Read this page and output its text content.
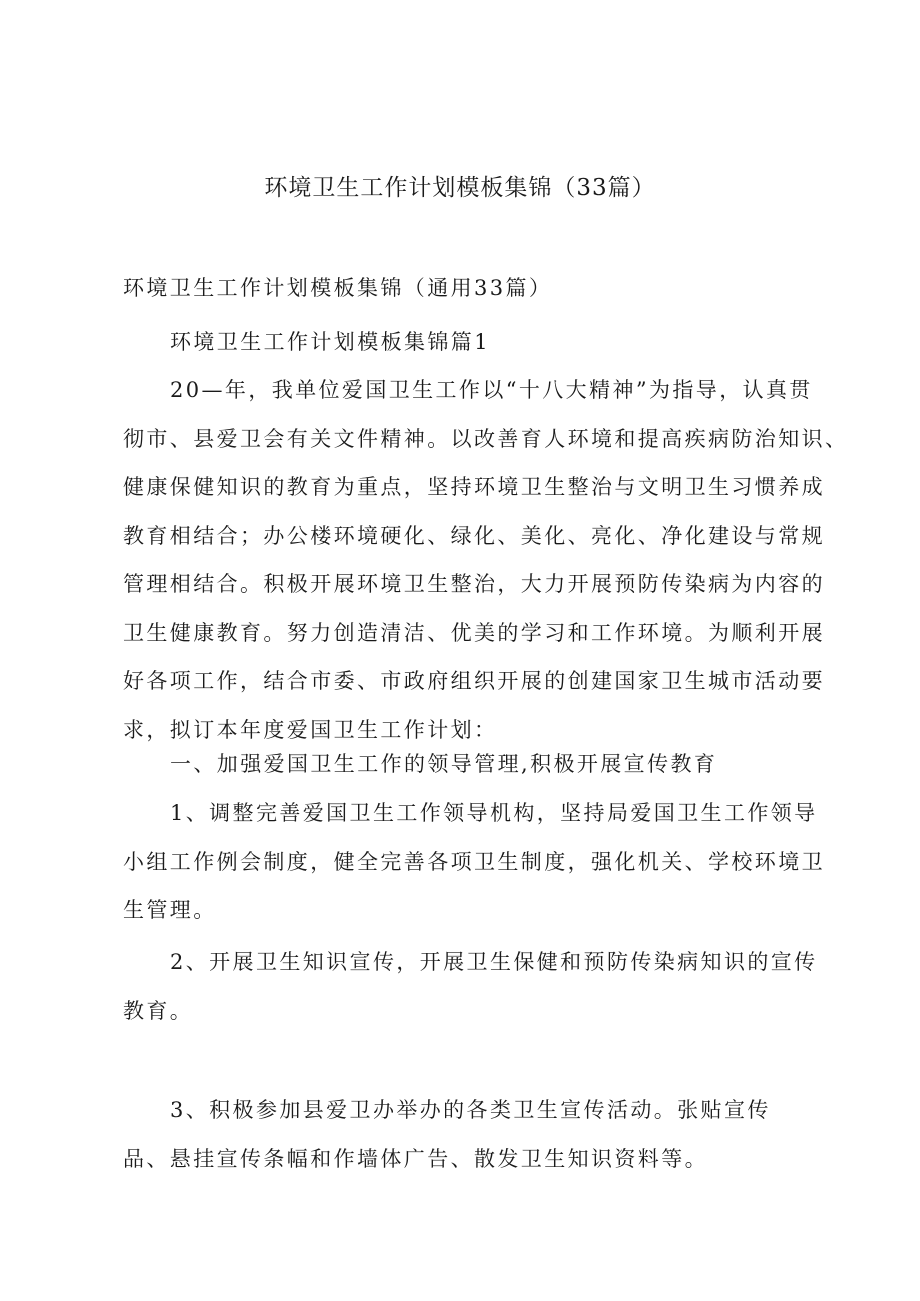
环境卫生工作计划模板集锦（33篇）

环境卫生工作计划模板集锦（通用33篇）

环境卫生工作计划模板集锦篇1

20—年，我单位爱国卫生工作以“十八大精神”为指导，认真贯
彻市、县爱卫会有关文件精神。以改善育人环境和提高疾病防治知识、
健康保健知识的教育为重点，坚持环境卫生整治与文明卫生习惯养成
教育相结合；办公楼环境硬化、绿化、美化、亮化、净化建设与常规
管理相结合。积极开展环境卫生整治，大力开展预防传染病为内容的
卫生健康教育。努力创造清洁、优美的学习和工作环境。为顺利开展
好各项工作，结合市委、市政府组织开展的创建国家卫生城市活动要
求，拟订本年度爱国卫生工作计划：

一、加强爱国卫生工作的领导管理,积极开展宣传教育

1、调整完善爱国卫生工作领导机构，坚持局爱国卫生工作领导
小组工作例会制度，健全完善各项卫生制度，强化机关、学校环境卫
生管理。
2、开展卫生知识宣传，开展卫生保健和预防传染病知识的宣传
教育。
3、积极参加县爱卫办举办的各类卫生宣传活动。张贴宣传
品、悬挂宣传条幅和作墙体广告、散发卫生知识资料等。
